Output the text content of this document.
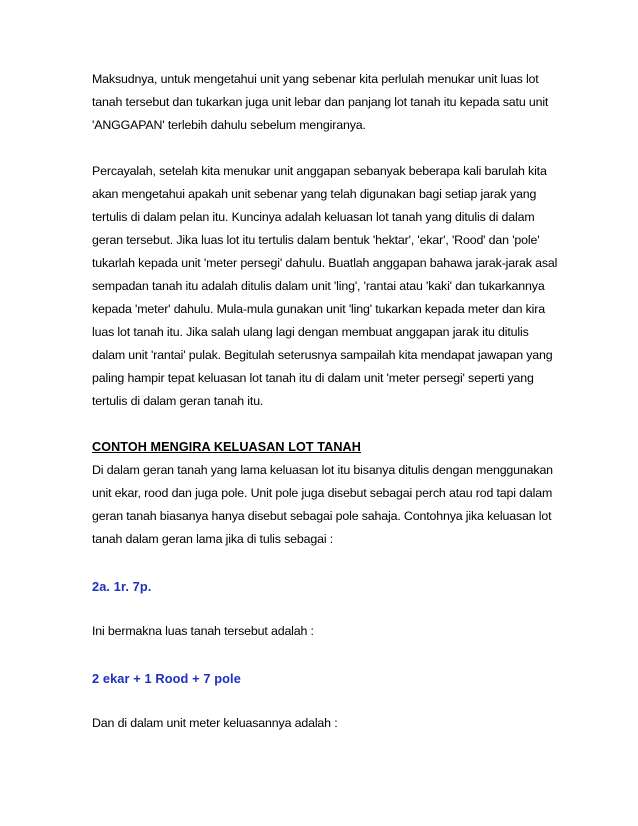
Maksudnya, untuk mengetahui unit yang sebenar kita perlulah menukar unit luas lot tanah tersebut dan tukarkan juga unit lebar dan panjang lot tanah itu kepada satu unit 'ANGGAPAN' terlebih dahulu sebelum mengiranya.

Percayalah, setelah kita menukar unit anggapan sebanyak beberapa kali barulah kita akan mengetahui apakah unit sebenar yang telah digunakan bagi setiap jarak yang tertulis di dalam pelan itu. Kuncinya adalah keluasan lot tanah yang ditulis di dalam geran tersebut. Jika luas lot itu tertulis dalam bentuk 'hektar', 'ekar', 'Rood' dan 'pole' tukarlah kepada unit 'meter persegi' dahulu. Buatlah anggapan bahawa jarak-jarak asal sempadan tanah itu adalah ditulis dalam unit 'ling', 'rantai atau 'kaki' dan tukarkannya kepada 'meter' dahulu. Mula-mula gunakan unit 'ling' tukarkan kepada meter dan kira luas lot tanah itu. Jika salah ulang lagi dengan membuat anggapan jarak itu ditulis dalam unit 'rantai' pulak. Begitulah seterusnya sampailah kita mendapat jawapan yang paling hampir tepat keluasan lot tanah itu di dalam unit 'meter persegi' seperti yang tertulis di dalam geran tanah itu.

CONTOH MENGIRA KELUASAN LOT TANAH

Di dalam geran tanah yang lama keluasan lot itu bisanya ditulis dengan menggunakan unit ekar, rood dan juga pole. Unit pole juga disebut sebagai perch atau rod tapi dalam geran tanah biasanya hanya disebut sebagai pole sahaja. Contohnya jika keluasan lot tanah dalam geran lama jika di tulis sebagai :

2a. 1r. 7p.

Ini bermakna luas tanah tersebut adalah :

2 ekar + 1 Rood + 7 pole

Dan di dalam unit meter keluasannya adalah :
